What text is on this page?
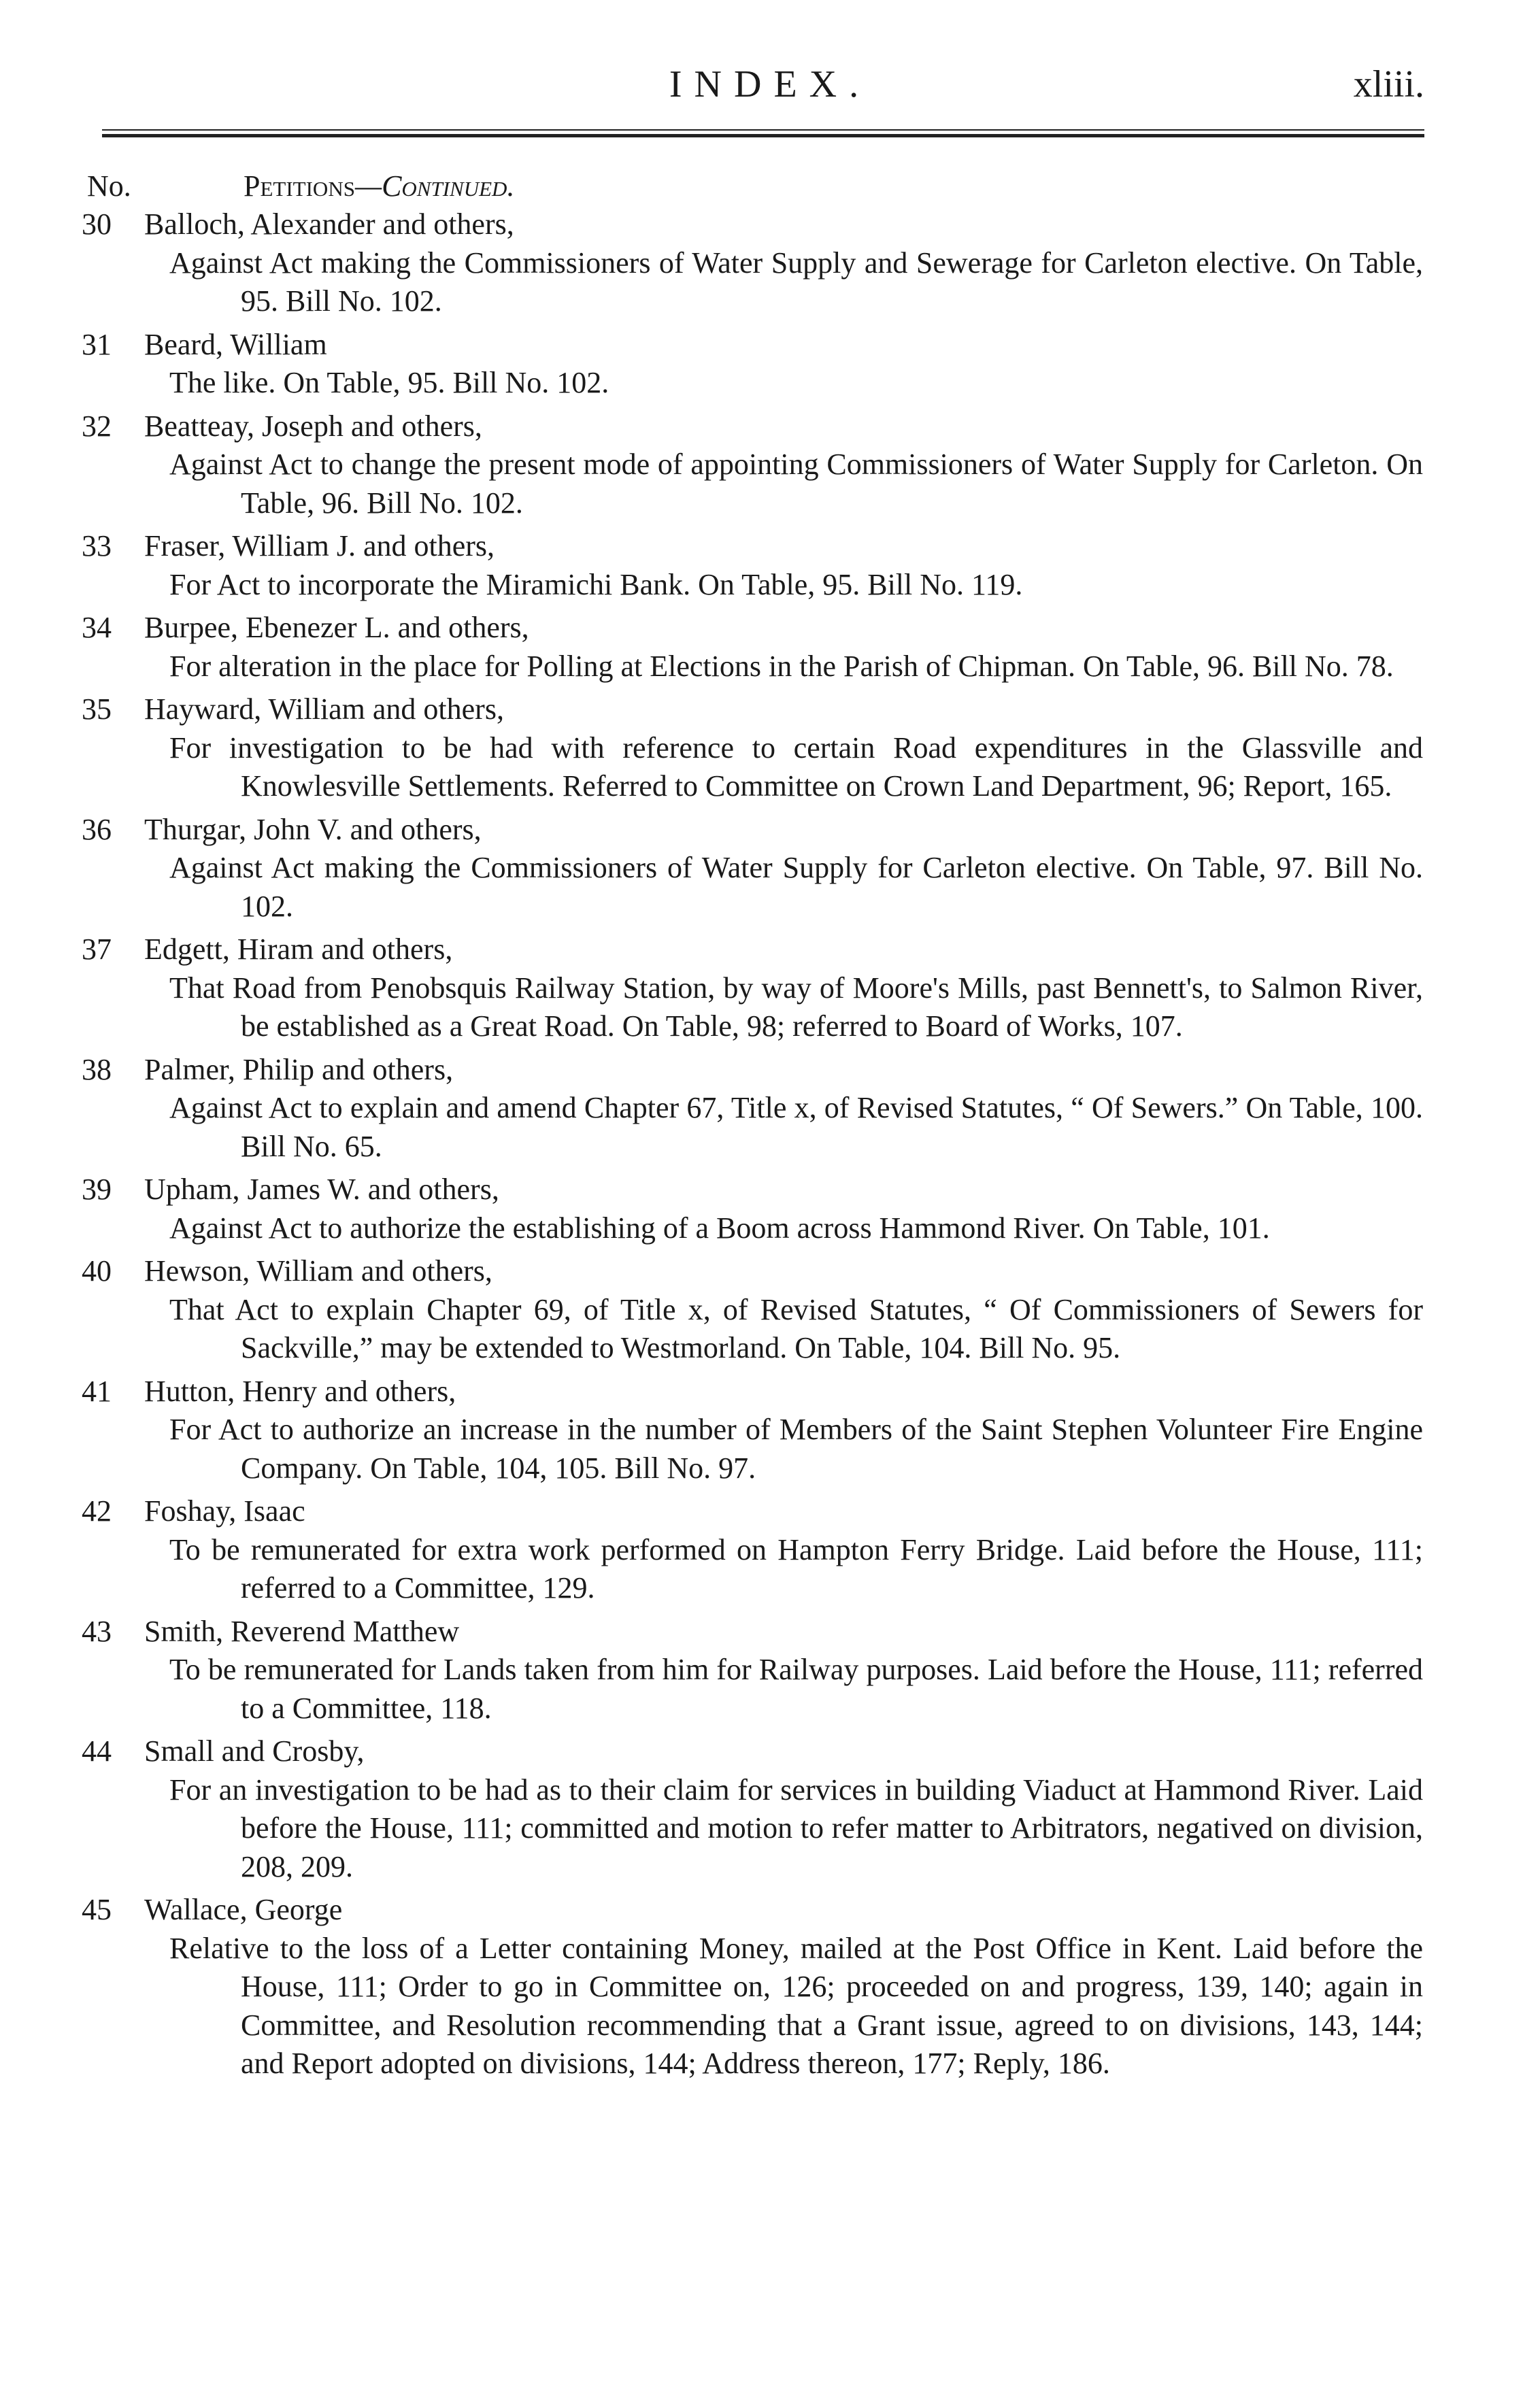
INDEX.	xliii.
No.	Petitions—Continued.
30 Balloch, Alexander and others,
Against Act making the Commissioners of Water Supply and Sewerage for Carleton elective. On Table, 95. Bill No. 102.
31 Beard, William
The like. On Table, 95. Bill No. 102.
32 Beatteay, Joseph and others,
Against Act to change the present mode of appointing Commissioners of Water Supply for Carleton. On Table, 96. Bill No. 102.
33 Fraser, William J. and others,
For Act to incorporate the Miramichi Bank. On Table, 95. Bill No. 119.
34 Burpee, Ebenezer L. and others,
For alteration in the place for Polling at Elections in the Parish of Chipman. On Table, 96. Bill No. 78.
35 Hayward, William and others,
For investigation to be had with reference to certain Road expenditures in the Glassville and Knowlesville Settlements. Referred to Committee on Crown Land Department, 96; Report, 165.
36 Thurgar, John V. and others,
Against Act making the Commissioners of Water Supply for Carleton elective. On Table, 97. Bill No. 102.
37 Edgett, Hiram and others,
That Road from Penobsquis Railway Station, by way of Moore's Mills, past Bennett's, to Salmon River, be established as a Great Road. On Table, 98; referred to Board of Works, 107.
38 Palmer, Philip and others,
Against Act to explain and amend Chapter 67, Title x, of Revised Statutes, “ Of Sewers.” On Table, 100. Bill No. 65.
39 Upham, James W. and others,
Against Act to authorize the establishing of a Boom across Hammond River. On Table, 101.
40 Hewson, William and others,
That Act to explain Chapter 69, of Title x, of Revised Statutes, “ Of Commissioners of Sewers for Sackville,” may be extended to Westmorland. On Table, 104. Bill No. 95.
41 Hutton, Henry and others,
For Act to authorize an increase in the number of Members of the Saint Stephen Volunteer Fire Engine Company. On Table, 104, 105. Bill No. 97.
42 Foshay, Isaac
To be remunerated for extra work performed on Hampton Ferry Bridge. Laid before the House, 111; referred to a Committee, 129.
43 Smith, Reverend Matthew
To be remunerated for Lands taken from him for Railway purposes. Laid before the House, 111; referred to a Committee, 118.
44 Small and Crosby,
For an investigation to be had as to their claim for services in building Viaduct at Hammond River. Laid before the House, 111; committed and motion to refer matter to Arbitrators, negatived on division, 208, 209.
45 Wallace, George
Relative to the loss of a Letter containing Money, mailed at the Post Office in Kent. Laid before the House, 111; Order to go in Committee on, 126; proceeded on and progress, 139, 140; again in Committee, and Resolution recommending that a Grant issue, agreed to on divisions, 143, 144; and Report adopted on divisions, 144; Address thereon, 177; Reply, 186.
